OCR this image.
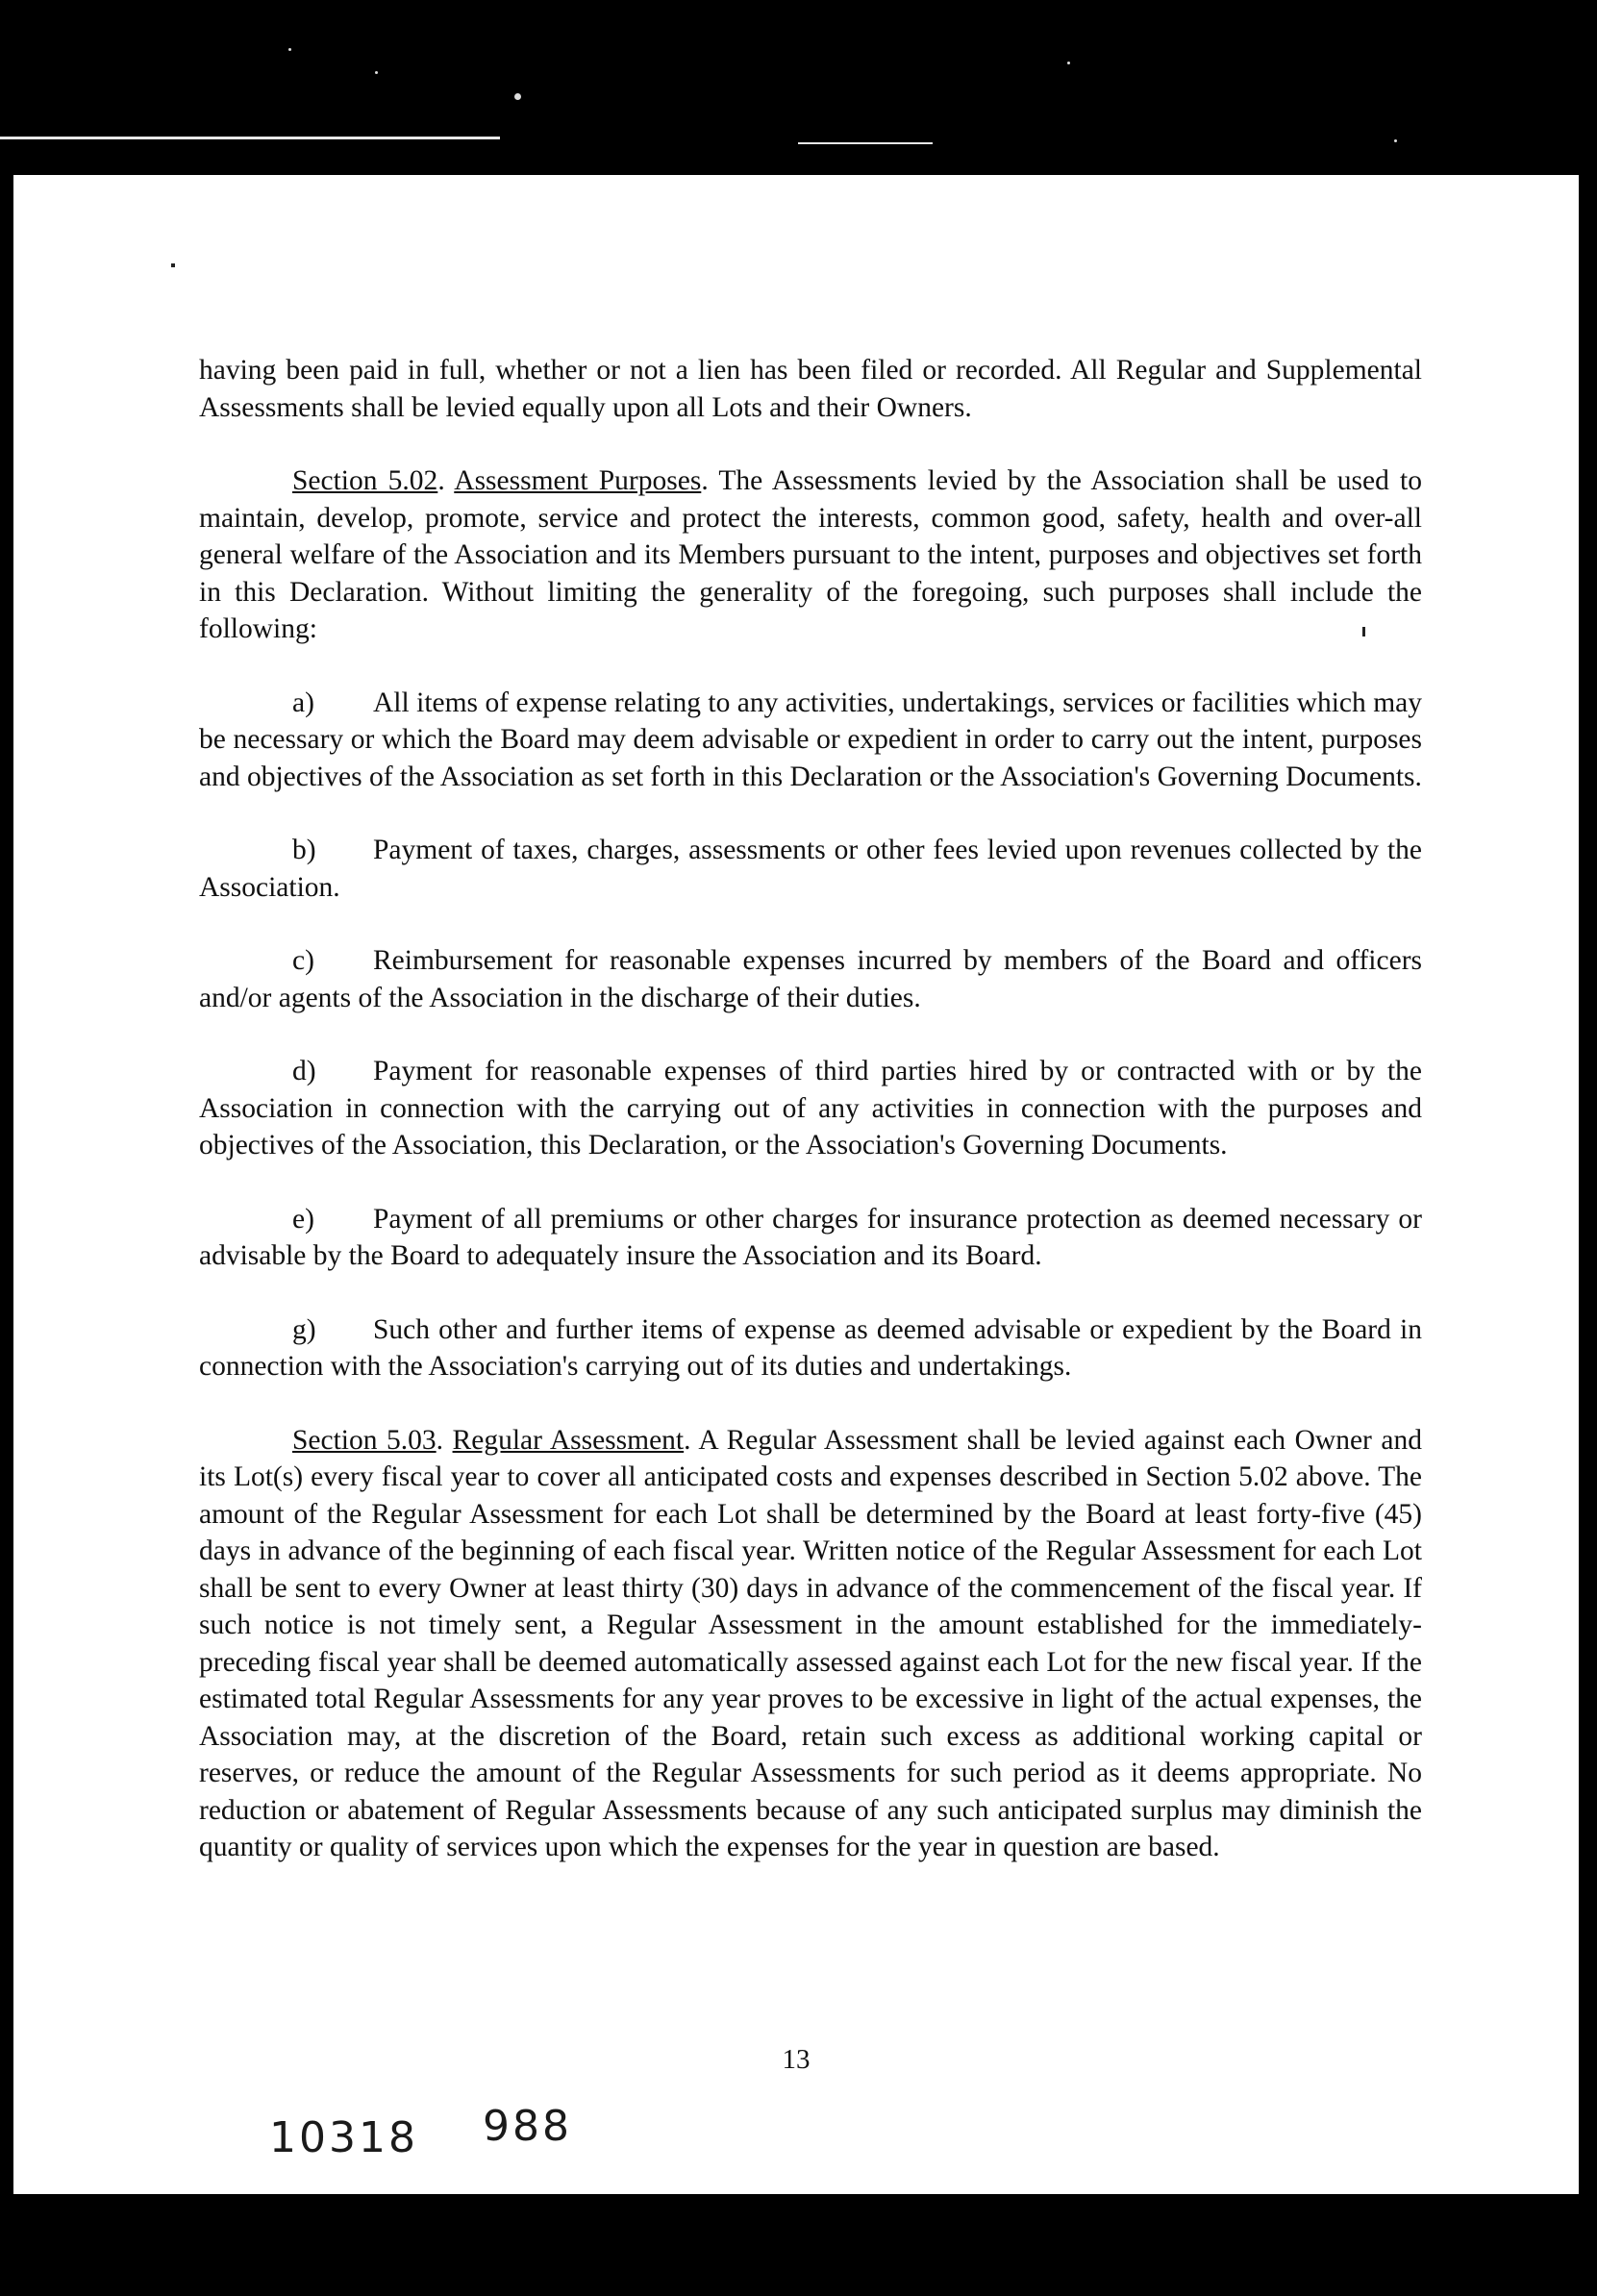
having been paid in full, whether or not a lien has been filed or recorded. All Regular and Supplemental Assessments shall be levied equally upon all Lots and their Owners.

Section 5.02. Assessment Purposes. The Assessments levied by the Association shall be used to maintain, develop, promote, service and protect the interests, common good, safety, health and over-all general welfare of the Association and its Members pursuant to the intent, purposes and objectives set forth in this Declaration. Without limiting the generality of the foregoing, such purposes shall include the following:

a) All items of expense relating to any activities, undertakings, services or facilities which may be necessary or which the Board may deem advisable or expedient in order to carry out the intent, purposes and objectives of the Association as set forth in this Declaration or the Association's Governing Documents.

b) Payment of taxes, charges, assessments or other fees levied upon revenues collected by the Association.

c) Reimbursement for reasonable expenses incurred by members of the Board and officers and/or agents of the Association in the discharge of their duties.

d) Payment for reasonable expenses of third parties hired by or contracted with or by the Association in connection with the carrying out of any activities in connection with the purposes and objectives of the Association, this Declaration, or the Association's Governing Documents.

e) Payment of all premiums or other charges for insurance protection as deemed necessary or advisable by the Board to adequately insure the Association and its Board.

g) Such other and further items of expense as deemed advisable or expedient by the Board in connection with the Association's carrying out of its duties and undertakings.

Section 5.03. Regular Assessment. A Regular Assessment shall be levied against each Owner and its Lot(s) every fiscal year to cover all anticipated costs and expenses described in Section 5.02 above. The amount of the Regular Assessment for each Lot shall be determined by the Board at least forty-five (45) days in advance of the beginning of each fiscal year. Written notice of the Regular Assessment for each Lot shall be sent to every Owner at least thirty (30) days in advance of the commencement of the fiscal year. If such notice is not timely sent, a Regular Assessment in the amount established for the immediately-preceding fiscal year shall be deemed automatically assessed against each Lot for the new fiscal year. If the estimated total Regular Assessments for any year proves to be excessive in light of the actual expenses, the Association may, at the discretion of the Board, retain such excess as additional working capital or reserves, or reduce the amount of the Regular Assessments for such period as it deems appropriate. No reduction or abatement of Regular Assessments because of any such anticipated surplus may diminish the quantity or quality of services upon which the expenses for the year in question are based.

13
10318 988
